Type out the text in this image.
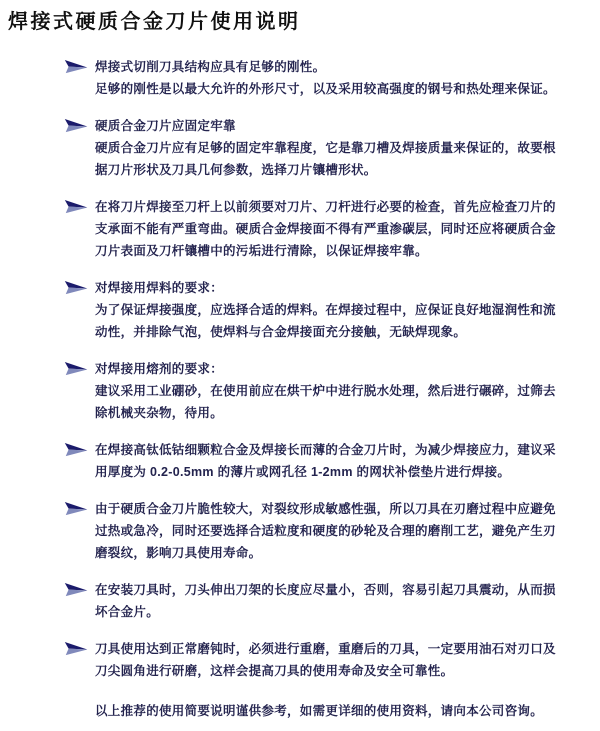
焊接式硬质合金刀片使用说明
焊接式切削刀具结构应具有足够的刚性。
足够的刚性是以最大允许的外形尺寸，以及采用较高强度的钢号和热处理来保证。
硬质合金刀片应固定牢靠
硬质合金刀片应有足够的固定牢靠程度，它是靠刀槽及焊接质量来保证的，故要根
据刀片形状及刀具几何参数，选择刀片镶槽形状。
在将刀片焊接至刀杆上以前须要对刀片、刀杆进行必要的检查，首先应检查刀片的
支承面不能有严重弯曲。硬质合金焊接面不得有严重渗碳层，同时还应将硬质合金
刀片表面及刀杆镶槽中的污垢进行清除，以保证焊接牢靠。
对焊接用焊料的要求：
为了保证焊接强度，应选择合适的焊料。在焊接过程中，应保证良好地湿润性和流
动性，并排除气泡，使焊料与合金焊接面充分接触，无缺焊现象。
对焊接用熔剂的要求：
建议采用工业硼砂，在使用前应在烘干炉中进行脱水处理，然后进行碾碎，过筛去
除机械夹杂物，待用。
在焊接高钛低钴细颗粒合金及焊接长而薄的合金刀片时，为减少焊接应力，建议采
用厚度为 0.2-0.5mm 的薄片或网孔径 1-2mm 的网状补偿垫片进行焊接。
由于硬质合金刀片脆性较大，对裂纹形成敏感性强，所以刀具在刃磨过程中应避免
过热或急冷，同时还要选择合适粒度和硬度的砂轮及合理的磨削工艺，避免产生刃
磨裂纹，影响刀具使用寿命。
在安装刀具时，刀头伸出刀架的长度应尽量小，否则，容易引起刀具震动，从而损
坏合金片。
刀具使用达到正常磨钝时，必须进行重磨，重磨后的刀具，一定要用油石对刃口及
刀尖圆角进行研磨，这样会提高刀具的使用寿命及安全可靠性。
以上推荐的使用简要说明谨供参考，如需更详细的使用资料，请向本公司咨询。
